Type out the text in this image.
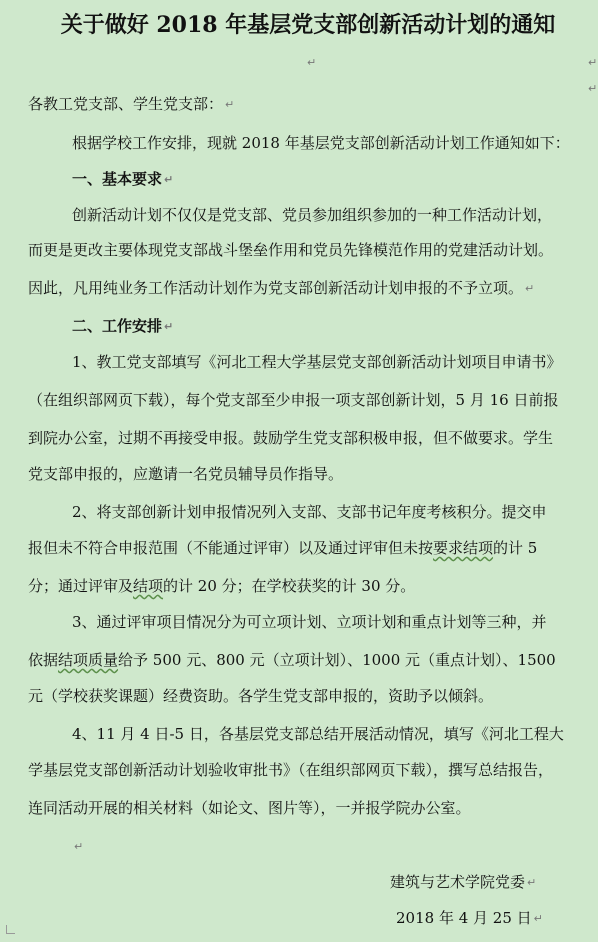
关于做好 2018 年基层党支部创新活动计划的通知
↵
各教工党支部、学生党支部： ↵
根据学校工作安排，现就 2018 年基层党支部创新活动计划工作通知如下：
一、基本要求 ↵
创新活动计划不仅仅是党支部、党员参加组织参加的一种工作活动计划，
而更是更改主要体现党支部战斗堡垒作用和党员先锋模范作用的党建活动计划。
因此，凡用纯业务工作活动计划作为党支部创新活动计划申报的不予立项。 ↵
二、工作安排 ↵
1、教工党支部填写《河北工程大学基层党支部创新活动计划项目申请书》
（在组织部网页下载），每个党支部至少申报一项支部创新计划，5 月 16 日前报
到院办公室，过期不再接受申报。鼓励学生党支部积极申报，但不做要求。学生
党支部申报的，应邀请一名党员辅导员作指导。
2、将支部创新计划申报情况列入支部、支部书记年度考核积分。提交申
报但未不符合申报范围（不能通过评审）以及通过评审但未按要求结项的计 5
分；通过评审及结项的计 20 分；在学校获奖的计 30 分。
3、通过评审项目情况分为可立项计划、立项计划和重点计划等三种，并
依据结项质量给予 500 元、800 元（立项计划）、1000 元（重点计划）、1500
元（学校获奖课题）经费资助。各学生党支部申报的，资助予以倾斜。
4、11 月 4 日-5 日，各基层党支部总结开展活动情况，填写《河北工程大
学基层党支部创新活动计划验收审批书》（在组织部网页下载），撰写总结报告，
连同活动开展的相关材料（如论文、图片等），一并报学院办公室。
↵
建筑与艺术学院党委 ↵
2018 年 4 月 25 日 ↵
↵
↵
